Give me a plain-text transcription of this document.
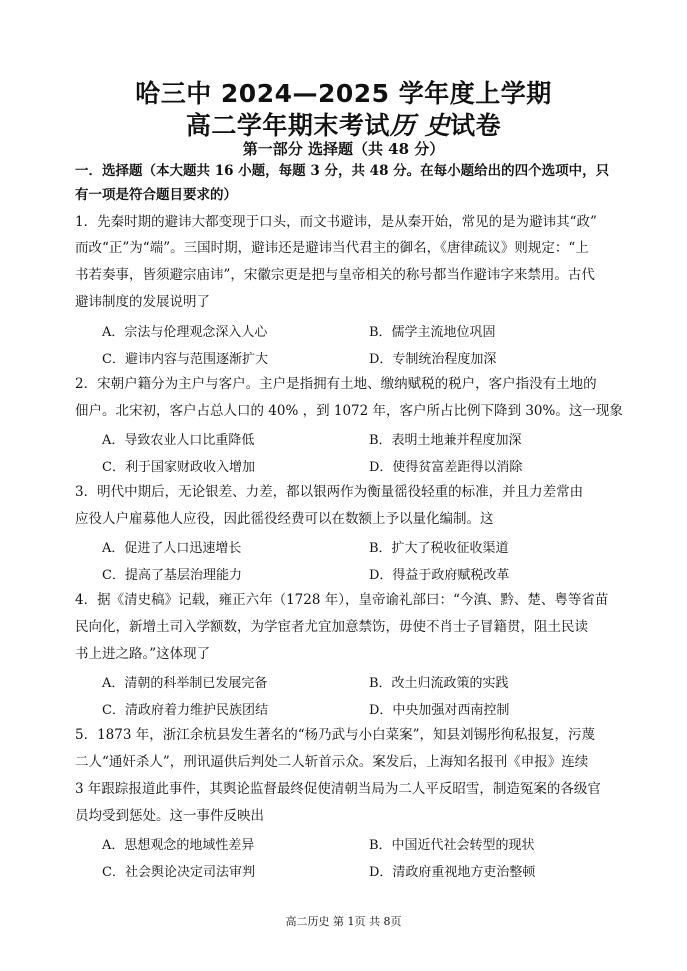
哈三中 2024—2025 学年度上学期
高二学年期末考试历 史试卷
第一部分 选择题（共 48 分）
一．选择题（本大题共 16 小题，每题 3 分，共 48 分。在每小题给出的四个选项中，只
有一项是符合题目要求的）
1．先秦时期的避讳大都变现于口头，而文书避讳，是从秦开始，常见的是为避讳其“政”
而改“正”为“端”。三国时期，避讳还是避讳当代君主的御名，《唐律疏议》则规定：“上
书若奏事，皆须避宗庙讳”，宋徽宗更是把与皇帝相关的称号都当作避讳字来禁用。古代
避讳制度的发展说明了
A．宗法与伦理观念深入人心	B．儒学主流地位巩固
C．避讳内容与范围逐渐扩大	D．专制统治程度加深
2．宋朝户籍分为主户与客户。主户是指拥有土地、缴纳赋税的税户，客户指没有土地的
佃户。北宋初，客户占总人口的 40% ，到 1072 年，客户所占比例下降到 30%。这一现象
A．导致农业人口比重降低	B．表明土地兼并程度加深
C．利于国家财政收入增加	D．使得贫富差距得以消除
3．明代中期后，无论银差、力差，都以银两作为衡量徭役轻重的标准，并且力差常由
应役人户雇募他人应役，因此徭役经费可以在数额上予以量化编制。这
A．促进了人口迅速增长	B．扩大了税收征收渠道
C．提高了基层治理能力	D．得益于政府赋税改革
4．据《清史稿》记载，雍正六年（1728 年），皇帝谕礼部曰：“今滇、黔、楚、粤等省苗
民向化，新增土司入学额数，为学宦者尤宜加意禁饬，毋使不肖士子冒籍贯，阻土民读
书上进之路。”这体现了
A．清朝的科举制已发展完备	B．改土归流政策的实践
C．清政府着力维护民族团结	D．中央加强对西南控制
5．1873 年，浙江余杭县发生著名的“杨乃武与小白菜案”，知县刘锡彤徇私报复，污蔑
二人“通奸杀人”，刑讯逼供后判处二人斩首示众。案发后，上海知名报刊《申报》连续
3 年跟踪报道此事件，其舆论监督最终促使清朝当局为二人平反昭雪，制造冤案的各级官
员均受到惩处。这一事件反映出
A．思想观念的地域性差异	B．中国近代社会转型的现状
C．社会舆论决定司法审判	D．清政府重视地方吏治整顿
高二历史 第 1页 共 8页
